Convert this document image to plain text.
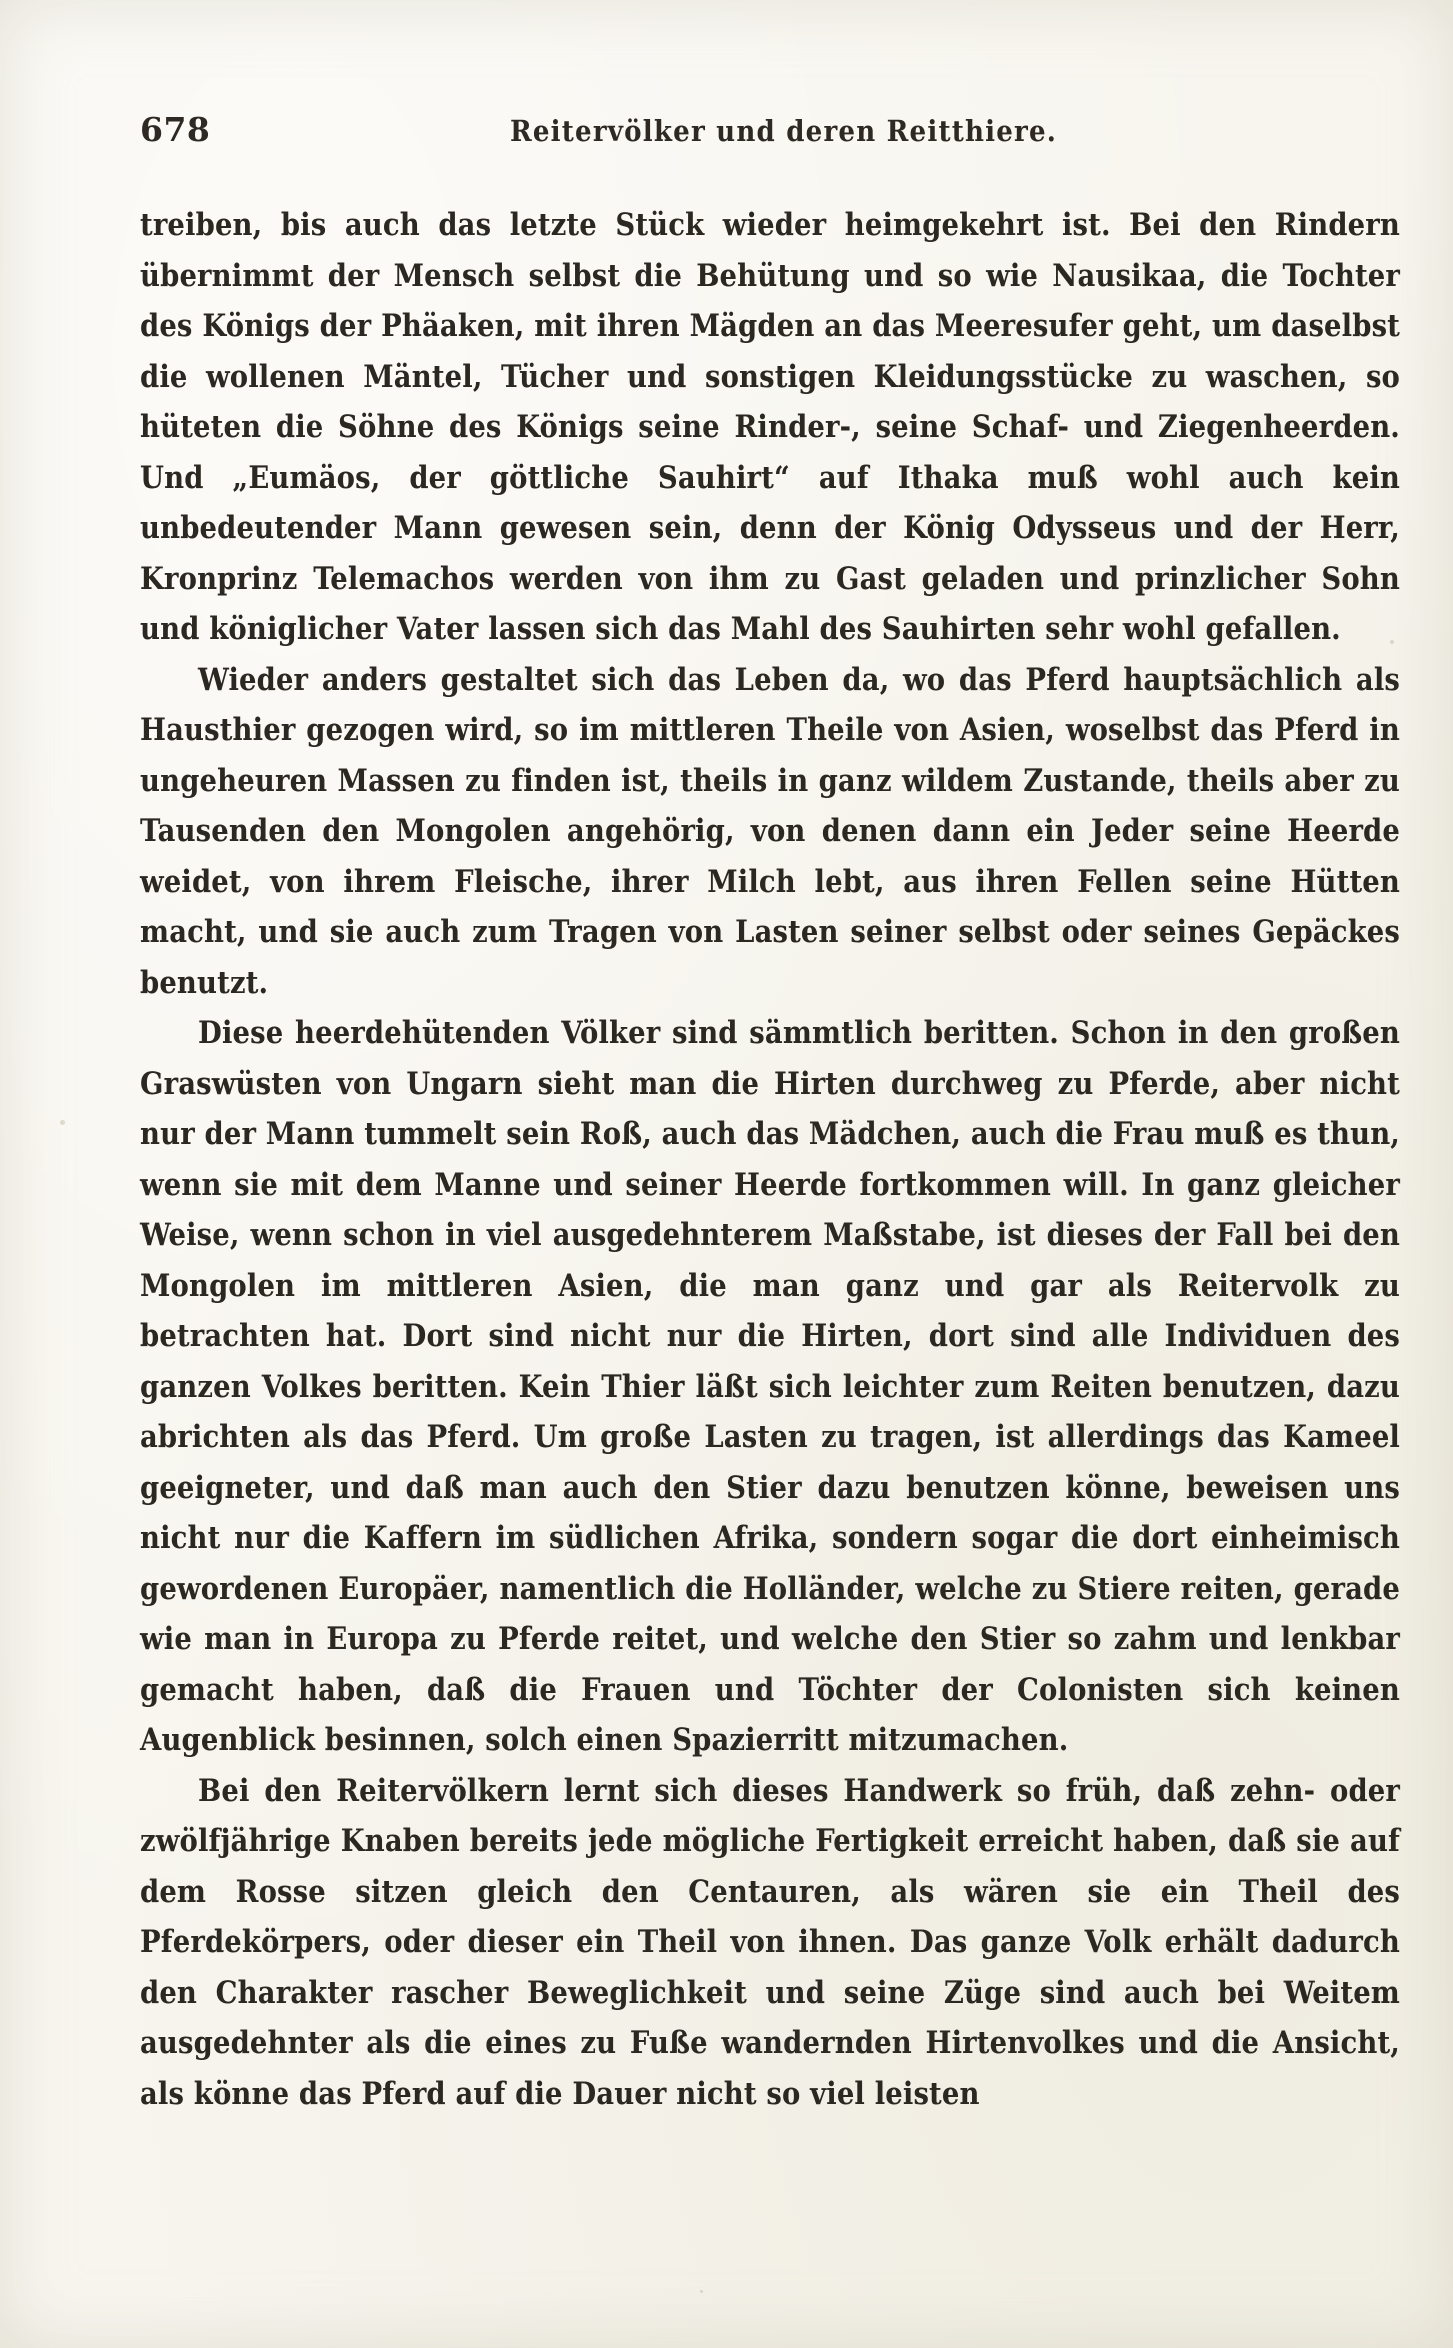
678	Reitervölker und deren Reitthiere.

treiben, bis auch das letzte Stück wieder heimgekehrt ist. Bei den Rindern übernimmt der Mensch selbst die Behütung und so wie Nausikaa, die Tochter des Königs der Phäaken, mit ihren Mägden an das Meeresufer geht, um daselbst die wollenen Mäntel, Tücher und sonstigen Kleidungsstücke zu waschen, so hüteten die Söhne des Königs seine Rinder-, seine Schaf- und Ziegenheerden. Und „Eumäos, der göttliche Sauhirt“ auf Ithaka muß wohl auch kein unbedeutender Mann gewesen sein, denn der König Odysseus und der Herr, Kronprinz Telemachos werden von ihm zu Gast geladen und prinzlicher Sohn und königlicher Vater lassen sich das Mahl des Sauhirten sehr wohl gefallen.

Wieder anders gestaltet sich das Leben da, wo das Pferd hauptsächlich als Hausthier gezogen wird, so im mittleren Theile von Asien, woselbst das Pferd in ungeheuren Massen zu finden ist, theils in ganz wildem Zustande, theils aber zu Tausenden den Mongolen angehörig, von denen dann ein Jeder seine Heerde weidet, von ihrem Fleische, ihrer Milch lebt, aus ihren Fellen seine Hütten macht, und sie auch zum Tragen von Lasten seiner selbst oder seines Gepäckes benutzt.

Diese heerdehütenden Völker sind sämmtlich beritten. Schon in den großen Graswüsten von Ungarn sieht man die Hirten durchweg zu Pferde, aber nicht nur der Mann tummelt sein Roß, auch das Mädchen, auch die Frau muß es thun, wenn sie mit dem Manne und seiner Heerde fortkommen will. In ganz gleicher Weise, wenn schon in viel ausgedehnterem Maßstabe, ist dieses der Fall bei den Mongolen im mittleren Asien, die man ganz und gar als Reitervolk zu betrachten hat. Dort sind nicht nur die Hirten, dort sind alle Individuen des ganzen Volkes beritten. Kein Thier läßt sich leichter zum Reiten benutzen, dazu abrichten als das Pferd. Um große Lasten zu tragen, ist allerdings das Kameel geeigneter, und daß man auch den Stier dazu benutzen könne, beweisen uns nicht nur die Kaffern im südlichen Afrika, sondern sogar die dort einheimisch gewordenen Europäer, namentlich die Holländer, welche zu Stiere reiten, gerade wie man in Europa zu Pferde reitet, und welche den Stier so zahm und lenkbar gemacht haben, daß die Frauen und Töchter der Colonisten sich keinen Augenblick besinnen, solch einen Spazierritt mitzumachen.

Bei den Reitervölkern lernt sich dieses Handwerk so früh, daß zehn- oder zwölfjährige Knaben bereits jede mögliche Fertigkeit erreicht haben, daß sie auf dem Rosse sitzen gleich den Centauren, als wären sie ein Theil des Pferdekörpers, oder dieser ein Theil von ihnen. Das ganze Volk erhält dadurch den Charakter rascher Beweglichkeit und seine Züge sind auch bei Weitem ausgedehnter als die eines zu Fuße wandernden Hirtenvolkes und die Ansicht, als könne das Pferd auf die Dauer nicht so viel leisten
